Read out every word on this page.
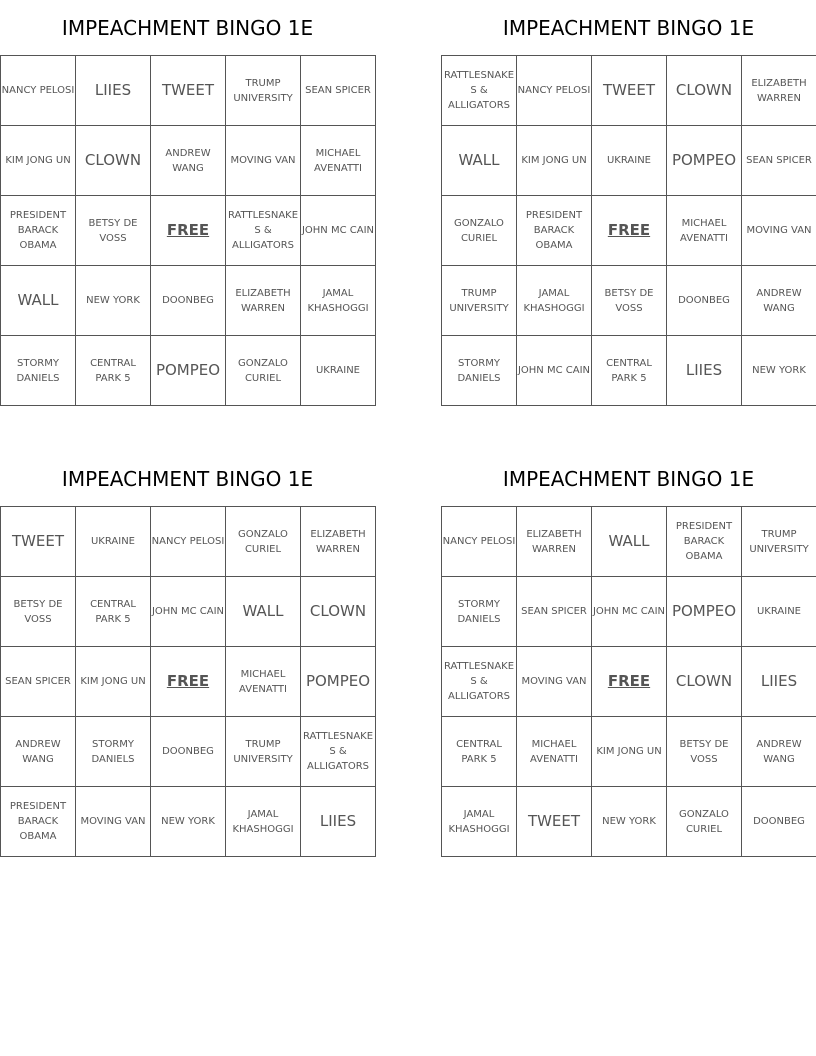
IMPEACHMENT BINGO 1E
NANCY PELOSI	LIIES	TWEET	TRUMP UNIVERSITY	SEAN SPICER
KIM JONG UN	CLOWN	ANDREW WANG	MOVING VAN	MICHAEL AVENATTI
PRESIDENT BARACK OBAMA	BETSY DE VOSS	FREE	RATTLESNAKES & ALLIGATORS	JOHN MC CAIN
WALL	NEW YORK	DOONBEG	ELIZABETH WARREN	JAMAL KHASHOGGI
STORMY DANIELS	CENTRAL PARK 5	POMPEO	GONZALO CURIEL	UKRAINE
IMPEACHMENT BINGO 1E
RATTLESNAKES & ALLIGATORS	NANCY PELOSI	TWEET	CLOWN	ELIZABETH WARREN
WALL	KIM JONG UN	UKRAINE	POMPEO	SEAN SPICER
GONZALO CURIEL	PRESIDENT BARACK OBAMA	FREE	MICHAEL AVENATTI	MOVING VAN
TRUMP UNIVERSITY	JAMAL KHASHOGGI	BETSY DE VOSS	DOONBEG	ANDREW WANG
STORMY DANIELS	JOHN MC CAIN	CENTRAL PARK 5	LIIES	NEW YORK
IMPEACHMENT BINGO 1E
TWEET	UKRAINE	NANCY PELOSI	GONZALO CURIEL	ELIZABETH WARREN
BETSY DE VOSS	CENTRAL PARK 5	JOHN MC CAIN	WALL	CLOWN
SEAN SPICER	KIM JONG UN	FREE	MICHAEL AVENATTI	POMPEO
ANDREW WANG	STORMY DANIELS	DOONBEG	TRUMP UNIVERSITY	RATTLESNAKES & ALLIGATORS
PRESIDENT BARACK OBAMA	MOVING VAN	NEW YORK	JAMAL KHASHOGGI	LIIES
IMPEACHMENT BINGO 1E
NANCY PELOSI	ELIZABETH WARREN	WALL	PRESIDENT BARACK OBAMA	TRUMP UNIVERSITY
STORMY DANIELS	SEAN SPICER	JOHN MC CAIN	POMPEO	UKRAINE
RATTLESNAKES & ALLIGATORS	MOVING VAN	FREE	CLOWN	LIIES
CENTRAL PARK 5	MICHAEL AVENATTI	KIM JONG UN	BETSY DE VOSS	ANDREW WANG
JAMAL KHASHOGGI	TWEET	NEW YORK	GONZALO CURIEL	DOONBEG
